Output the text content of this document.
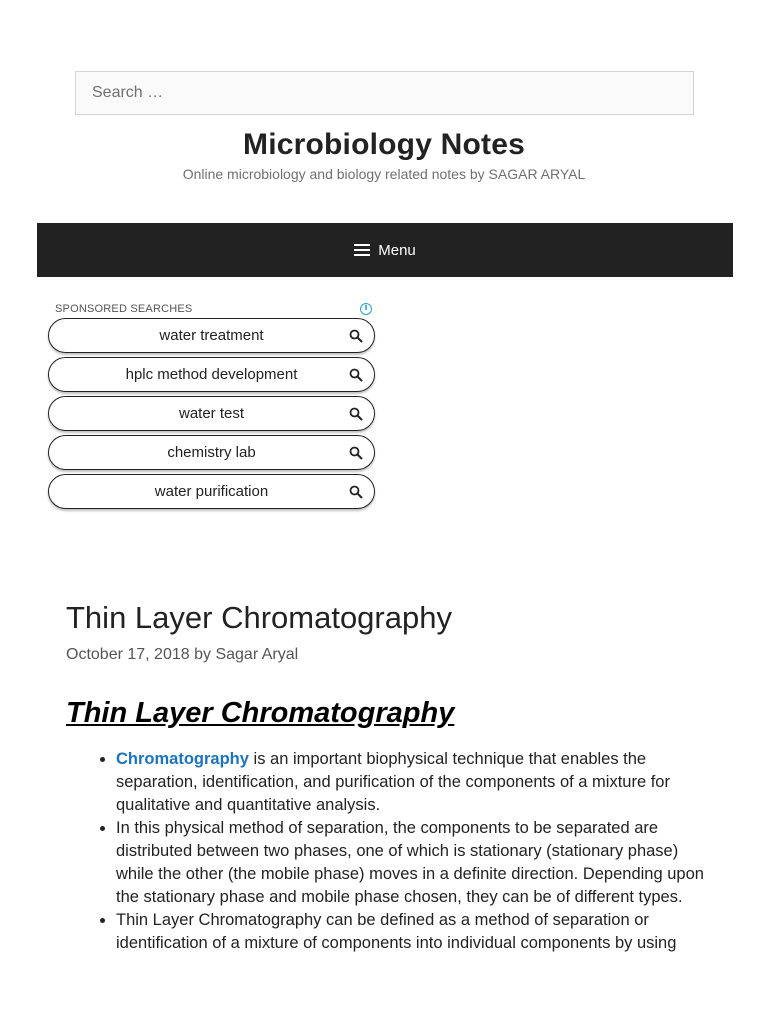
Search …
Microbiology Notes
Online microbiology and biology related notes by SAGAR ARYAL
Menu
SPONSORED SEARCHES	i
water treatment
hplc method development
water test
chemistry lab
water purification
Thin Layer Chromatography
October 17, 2018 by Sagar Aryal
Thin Layer Chromatography
• Chromatography is an important biophysical technique that enables the separation, identification, and purification of the components of a mixture for qualitative and quantitative analysis.
• In this physical method of separation, the components to be separated are distributed between two phases, one of which is stationary (stationary phase) while the other (the mobile phase) moves in a definite direction. Depending upon the stationary phase and mobile phase chosen, they can be of different types.
• Thin Layer Chromatography can be defined as a method of separation or identification of a mixture of components into individual components by using
